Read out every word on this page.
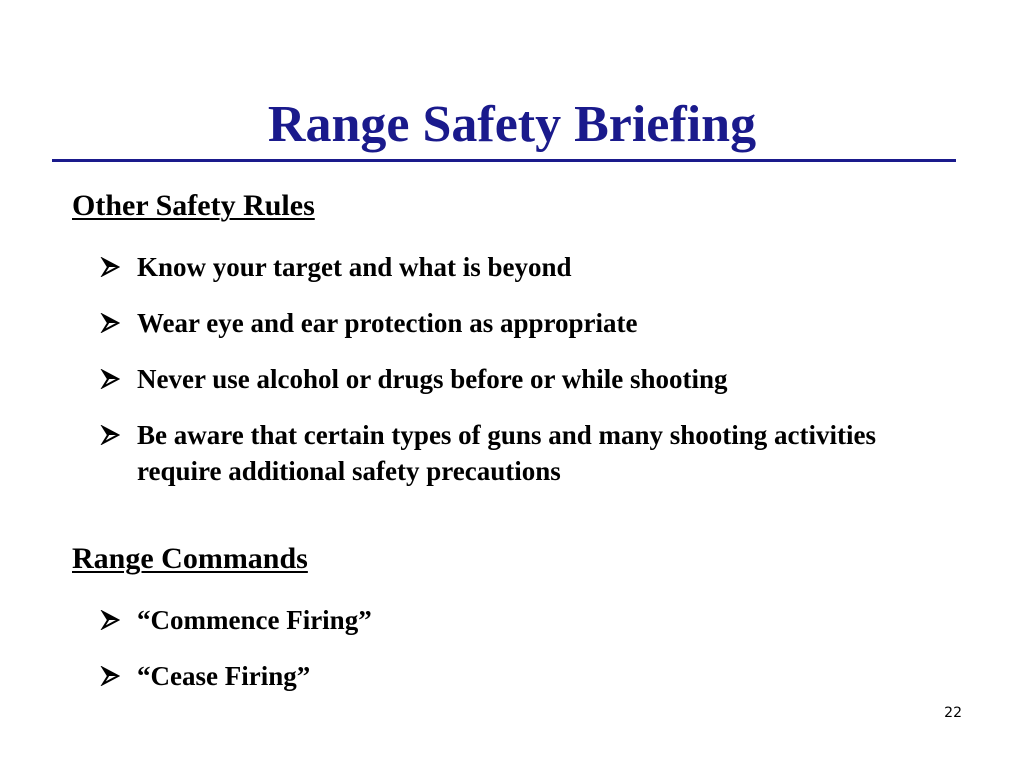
Range Safety Briefing
Other Safety Rules
Know your target and what is beyond
Wear eye and ear protection as appropriate
Never use alcohol or drugs before or while shooting
Be aware that certain types of guns and many shooting activities require additional safety precautions
Range Commands
“Commence Firing”
“Cease Firing”
22
